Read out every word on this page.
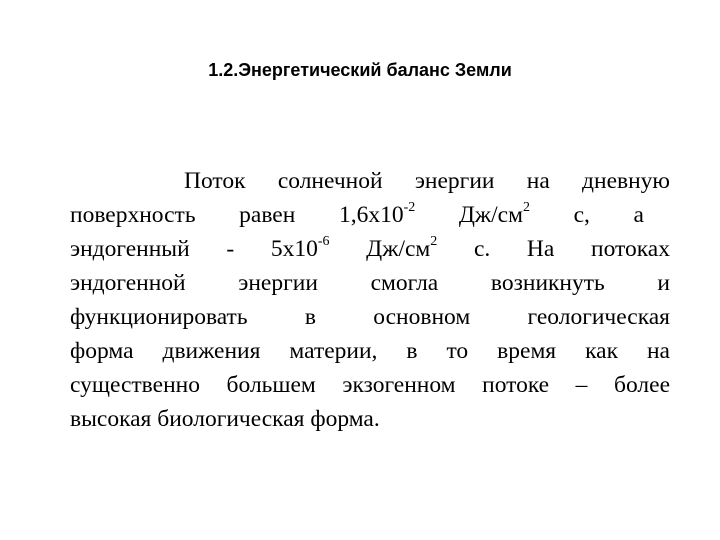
1.2.Энергетический баланс Земли
Поток солнечной энергии на дневную
поверхность равен $1,6х10^{-2}$ $Дж/см^2$ с, а
эндогенный - $5х10^{-6}$ $Дж/см^2$ с. На потоках
эндогенной энергии смогла возникнуть и
функционировать в основном геологическая
форма движения материи, в то время как на
существенно большем экзогенном потоке – более
высокая биологическая форма.
